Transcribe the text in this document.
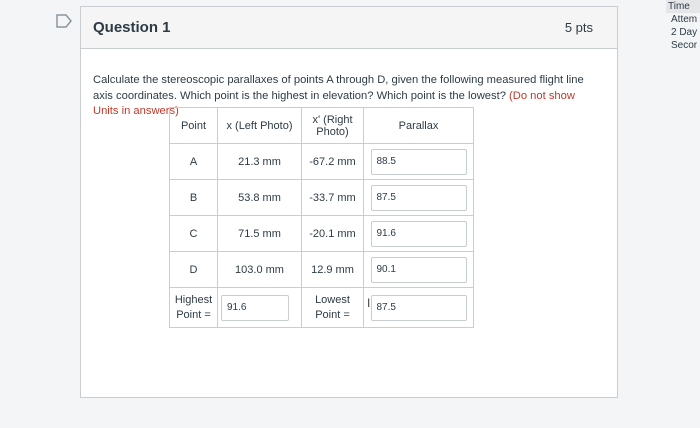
Question 1	5 pts
Calculate the stereoscopic parallaxes of points A through D, given the following measured flight line axis coordinates. Which point is the highest in elevation? Which point is the lowest? (Do not show Units in answers)
Point	x (Left Photo)	x' (Right Photo)	Parallax
A	21.3 mm	-67.2 mm	88.5

B	53.8 mm	-33.7 mm	87.5

C	71.5 mm	-20.1 mm	91.6

D	103.0 mm	12.9 mm	90.1

Highest Point =	91.6	Lowest Point =	87.5
I
Time
Attem
2 Day
Secor
